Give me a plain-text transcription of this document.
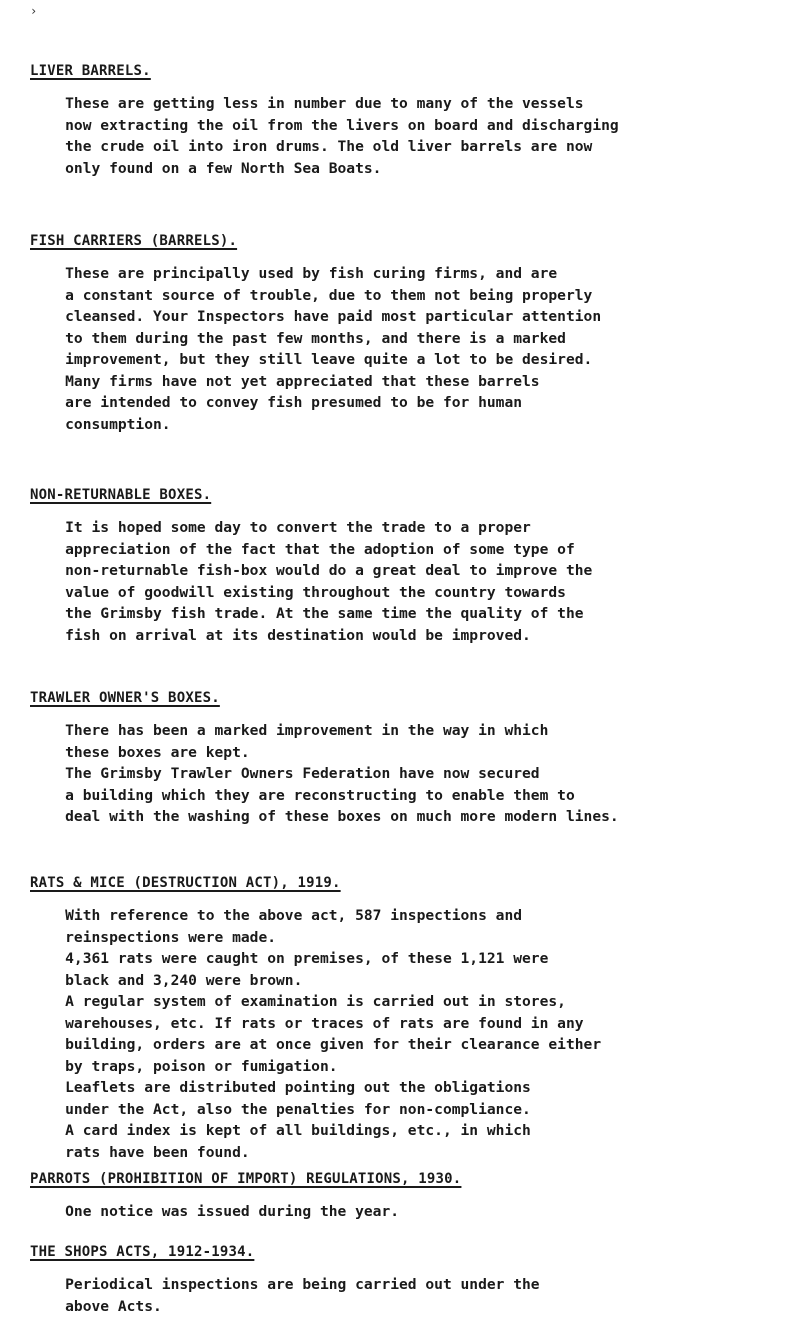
›
LIVER BARRELS.
These are getting less in number due to many of the vessels
now extracting the oil from the livers on board and discharging
the crude oil into iron drums. The old liver barrels are now
only found on a few North Sea Boats.
FISH CARRIERS (BARRELS).
These are principally used by fish curing firms, and are
a constant source of trouble, due to them not being properly
cleansed. Your Inspectors have paid most particular attention
to them during the past few months, and there is a marked
improvement, but they still leave quite a lot to be desired.
Many firms have not yet appreciated that these barrels
are intended to convey fish presumed to be for human
consumption.
NON-RETURNABLE BOXES.
It is hoped some day to convert the trade to a proper
appreciation of the fact that the adoption of some type of
non-returnable fish-box would do a great deal to improve the
value of goodwill existing throughout the country towards
the Grimsby fish trade. At the same time the quality of the
fish on arrival at its destination would be improved.
TRAWLER OWNER'S BOXES.
There has been a marked improvement in the way in which
these boxes are kept.
The Grimsby Trawler Owners Federation have now secured
a building which they are reconstructing to enable them to
deal with the washing of these boxes on much more modern lines.
RATS & MICE (DESTRUCTION ACT), 1919.
With reference to the above act, 587 inspections and
reinspections were made.
4,361 rats were caught on premises, of these 1,121 were
black and 3,240 were brown.
A regular system of examination is carried out in stores,
warehouses, etc. If rats or traces of rats are found in any
building, orders are at once given for their clearance either
by traps, poison or fumigation.
Leaflets are distributed pointing out the obligations
under the Act, also the penalties for non-compliance.
A card index is kept of all buildings, etc., in which
rats have been found.
PARROTS (PROHIBITION OF IMPORT) REGULATIONS, 1930.
One notice was issued during the year.
THE SHOPS ACTS, 1912-1934.
Periodical inspections are being carried out under the
above Acts.
